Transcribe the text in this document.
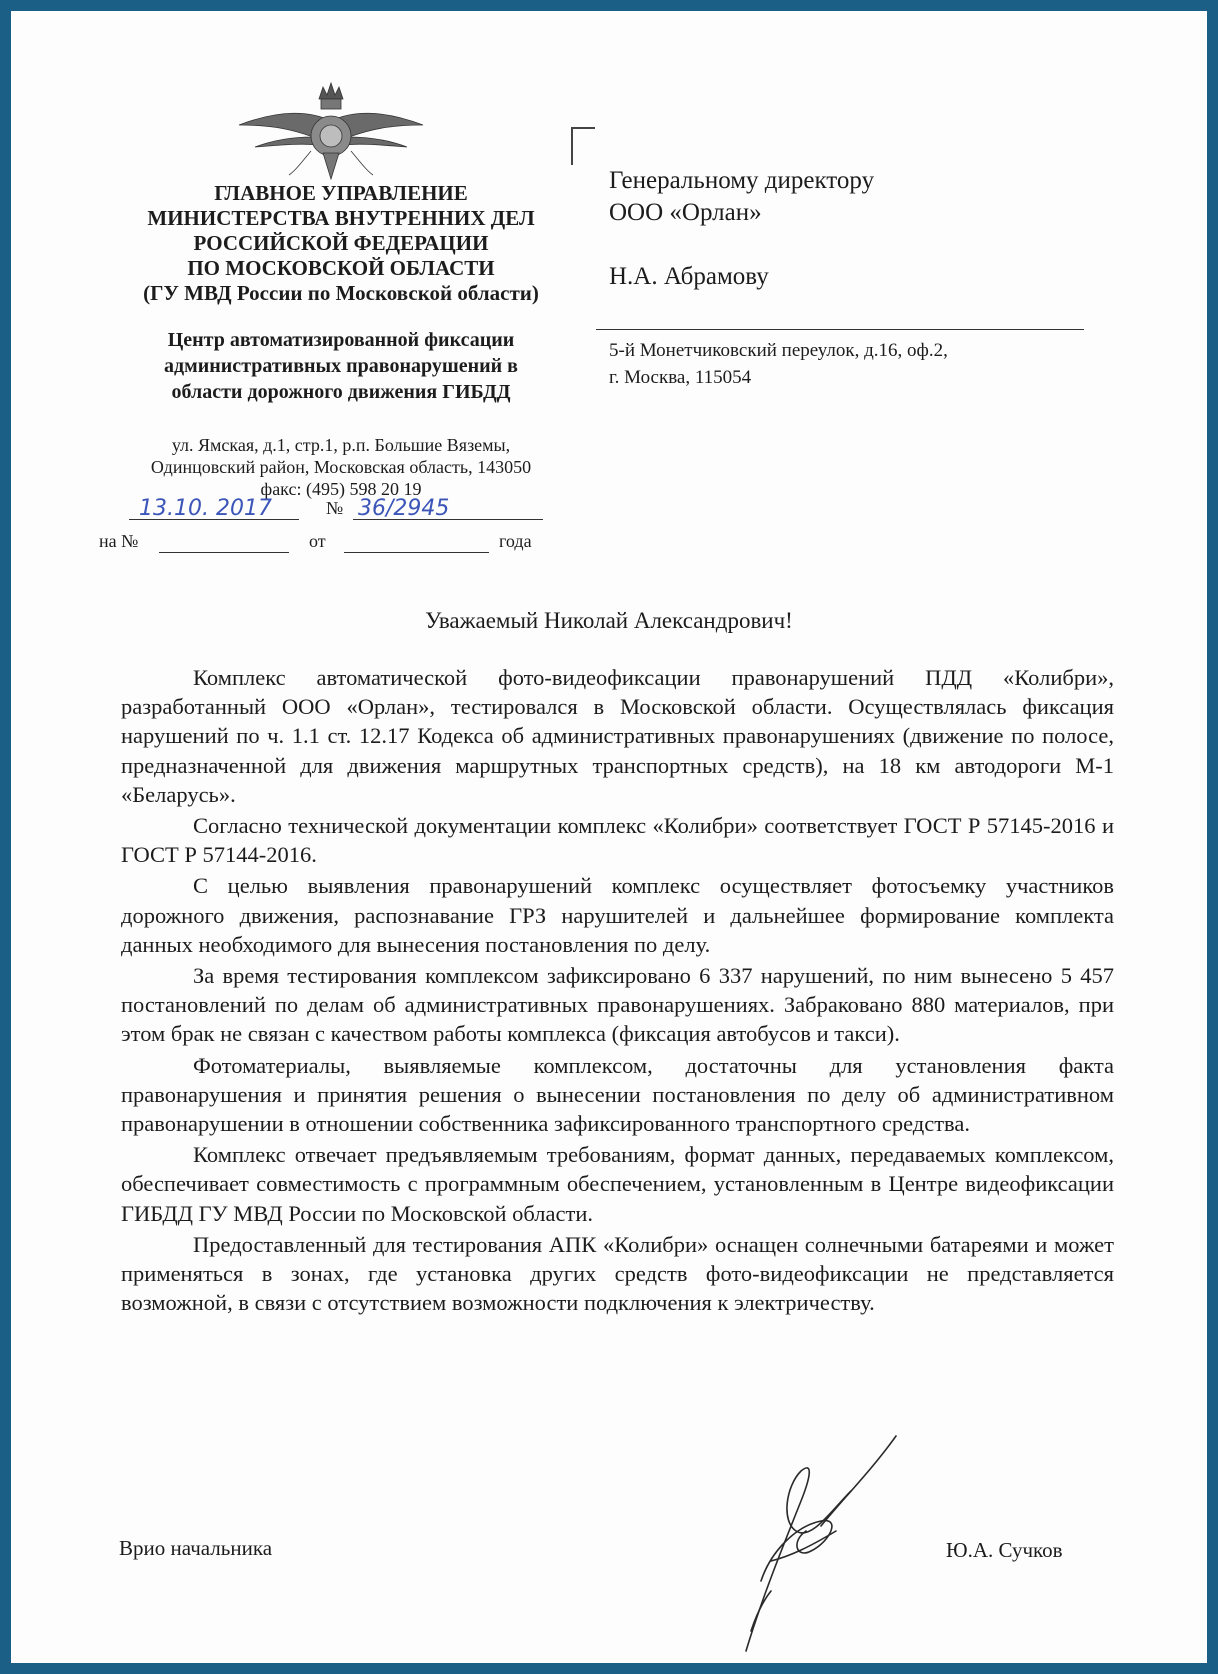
ГЛАВНОЕ УПРАВЛЕНИЕ
МИНИСТЕРСТВА ВНУТРЕННИХ ДЕЛ
РОССИЙСКОЙ ФЕДЕРАЦИИ
ПО МОСКОВСКОЙ ОБЛАСТИ
(ГУ МВД России по Московской области)
Центр автоматизированной фиксации
административных правонарушений в
области дорожного движения ГИБДД
ул. Ямская, д.1, стр.1, р.п. Большие Вяземы,
Одинцовский район, Московская область, 143050
факс: (495) 598 20 19
13.10. 2017	№ 36/2945
на №	от	года
Генеральному директору
ООО «Орлан»
Н.А. Абрамову
5-й Монетчиковский переулок, д.16, оф.2,
г. Москва, 115054
Уважаемый Николай Александрович!

Комплекс автоматической фото-видеофиксации правонарушений ПДД «Колибри», разработанный ООО «Орлан», тестировался в Московской области. Осуществлялась фиксация нарушений по ч. 1.1 ст. 12.17 Кодекса об административных правонарушениях (движение по полосе, предназначенной для движения маршрутных транспортных средств), на 18 км автодороги М-1 «Беларусь».

Согласно технической документации комплекс «Колибри» соответствует ГОСТ Р 57145-2016 и ГОСТ Р 57144-2016.

С целью выявления правонарушений комплекс осуществляет фотосъемку участников дорожного движения, распознавание ГРЗ нарушителей и дальнейшее формирование комплекта данных необходимого для вынесения постановления по делу.

За время тестирования комплексом зафиксировано 6 337 нарушений, по ним вынесено 5 457 постановлений по делам об административных правонарушениях. Забраковано 880 материалов, при этом брак не связан с качеством работы комплекса (фиксация автобусов и такси).

Фотоматериалы, выявляемые комплексом, достаточны для установления факта правонарушения и принятия решения о вынесении постановления по делу об административном правонарушении в отношении собственника зафиксированного транспортного средства.

Комплекс отвечает предъявляемым требованиям, формат данных, передаваемых комплексом, обеспечивает совместимость с программным обеспечением, установленным в Центре видеофиксации ГИБДД ГУ МВД России по Московской области.

Предоставленный для тестирования АПК «Колибри» оснащен солнечными батареями и может применяться в зонах, где установка других средств фото-видеофиксации не представляется возможной, в связи с отсутствием возможности подключения к электричеству.

Врио начальника	Ю.А. Сучков
